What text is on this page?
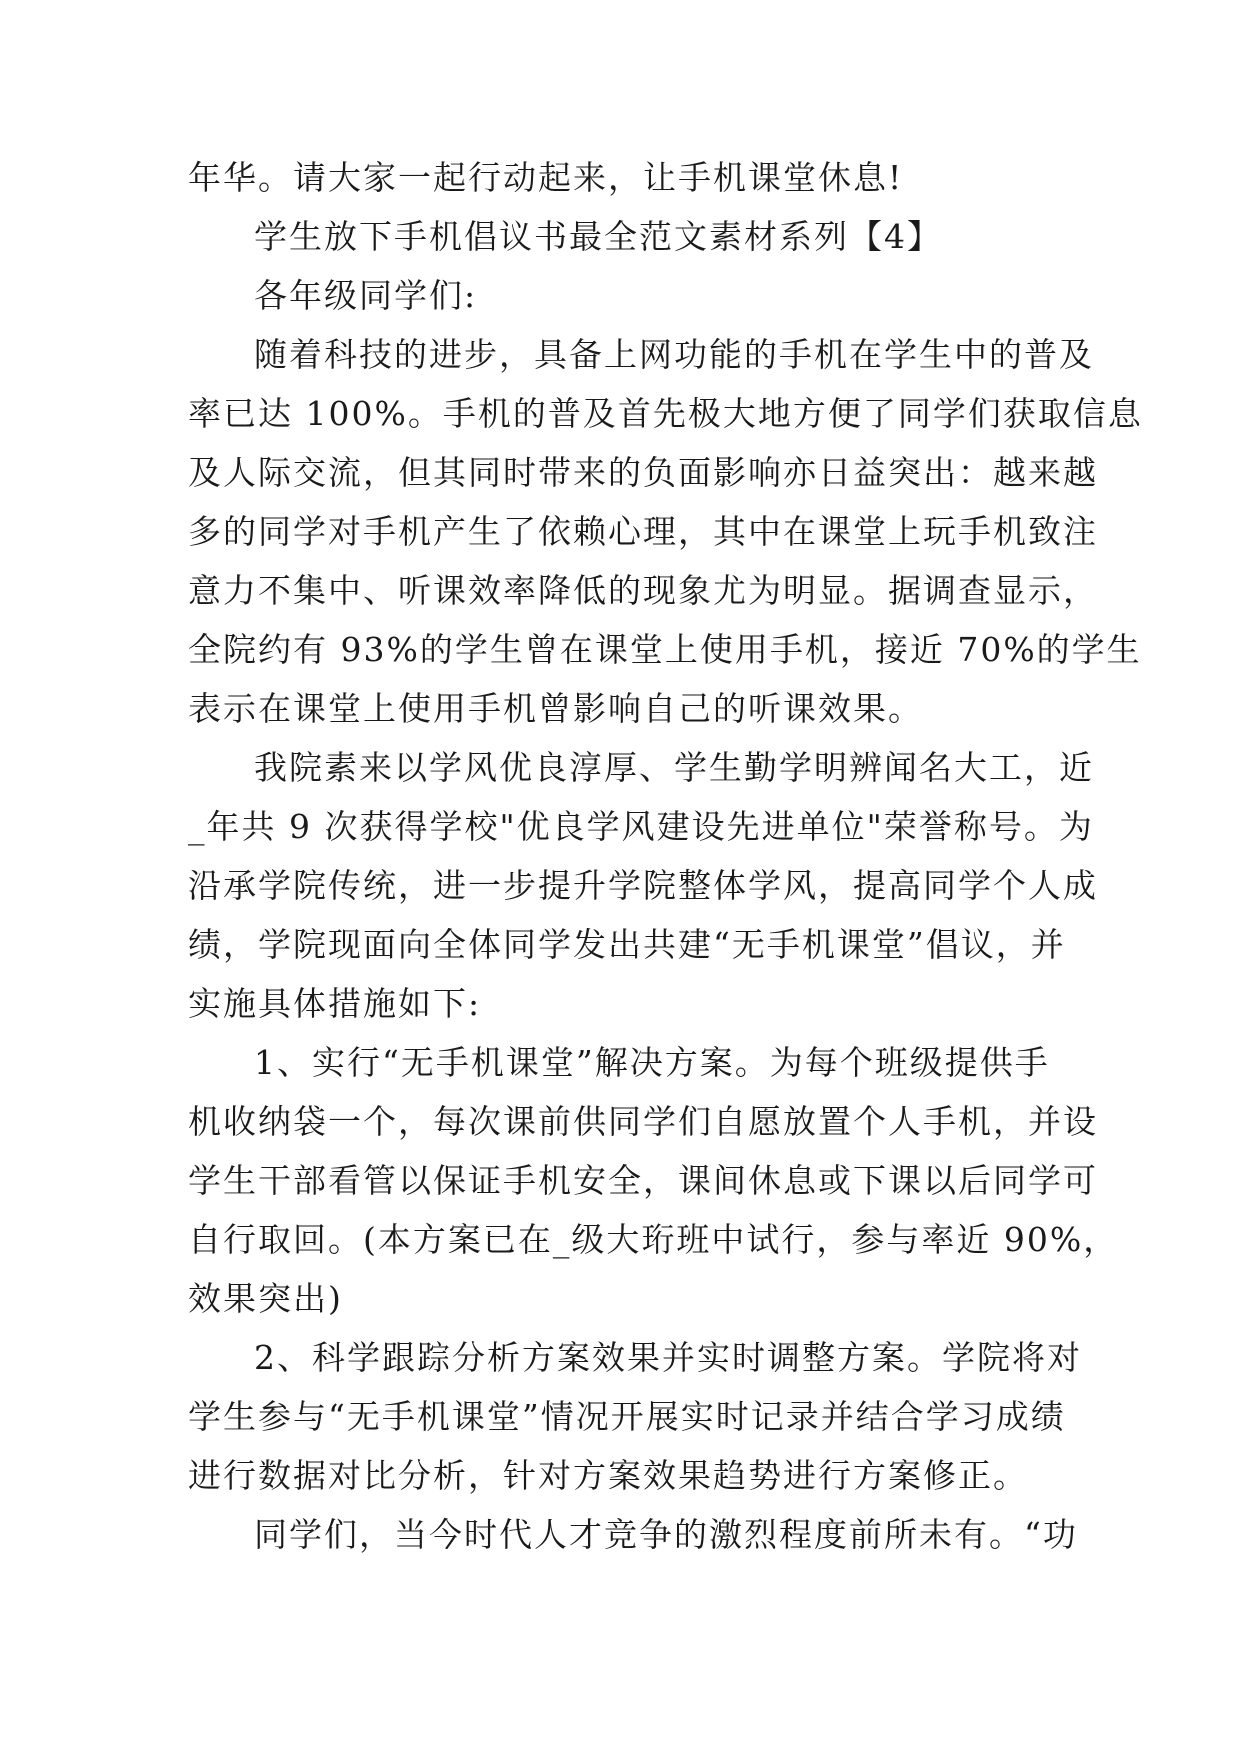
年华。请大家一起行动起来，让手机课堂休息!
学生放下手机倡议书最全范文素材系列【4】
各年级同学们:
随着科技的进步，具备上网功能的手机在学生中的普及
率已达 100%。手机的普及首先极大地方便了同学们获取信息
及人际交流，但其同时带来的负面影响亦日益突出：越来越
多的同学对手机产生了依赖心理，其中在课堂上玩手机致注
意力不集中、听课效率降低的现象尤为明显。据调查显示，
全院约有 93%的学生曾在课堂上使用手机，接近 70%的学生
表示在课堂上使用手机曾影响自己的听课效果。
我院素来以学风优良淳厚、学生勤学明辨闻名大工，近
_年共 9 次获得学校"优良学风建设先进单位"荣誉称号。为
沿承学院传统，进一步提升学院整体学风，提高同学个人成
绩，学院现面向全体同学发出共建“无手机课堂”倡议，并
实施具体措施如下:
1、实行“无手机课堂”解决方案。为每个班级提供手
机收纳袋一个，每次课前供同学们自愿放置个人手机，并设
学生干部看管以保证手机安全，课间休息或下课以后同学可
自行取回。(本方案已在_级大珩班中试行，参与率近 90%，
效果突出)
2、科学跟踪分析方案效果并实时调整方案。学院将对
学生参与“无手机课堂”情况开展实时记录并结合学习成绩
进行数据对比分析，针对方案效果趋势进行方案修正。
同学们，当今时代人才竞争的激烈程度前所未有。“功
